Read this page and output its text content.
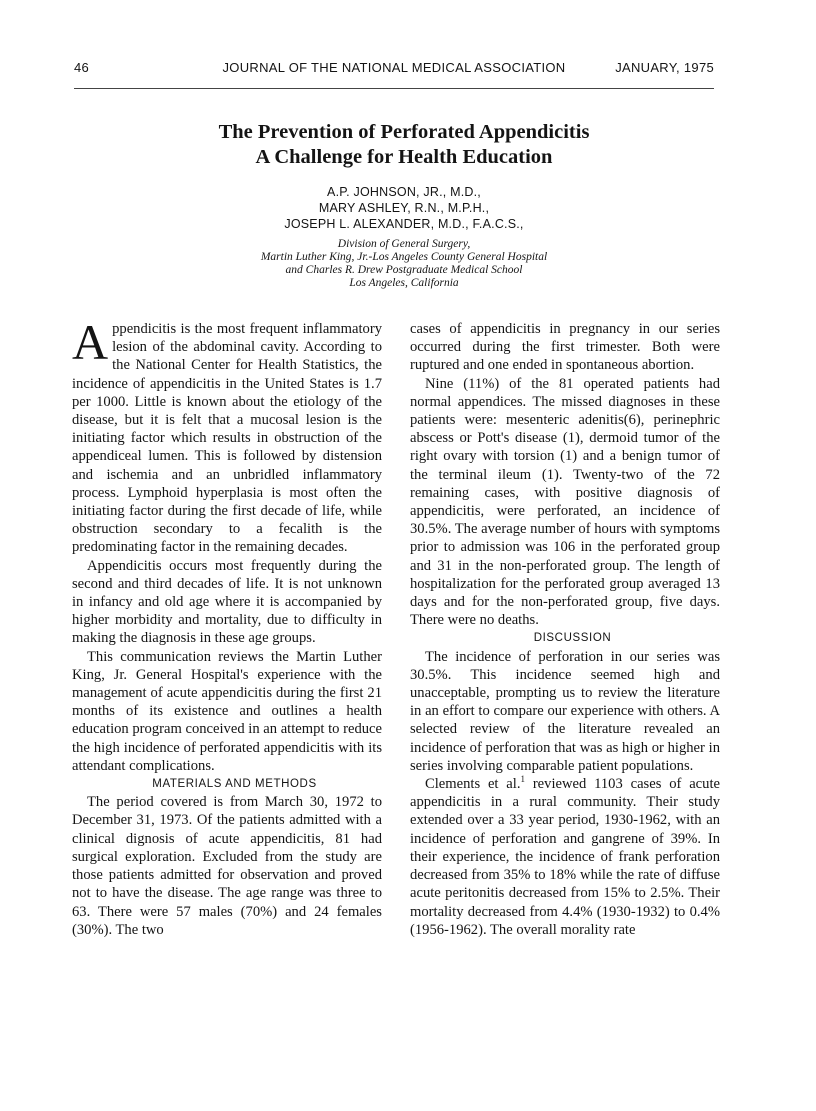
46	JOURNAL OF THE NATIONAL MEDICAL ASSOCIATION	JANUARY, 1975
The Prevention of Perforated Appendicitis
A Challenge for Health Education
A.P. JOHNSON, JR., M.D.,
MARY ASHLEY, R.N., M.P.H.,
JOSEPH L. ALEXANDER, M.D., F.A.C.S.,
Division of General Surgery,
Martin Luther King, Jr.-Los Angeles County General Hospital
and Charles R. Drew Postgraduate Medical School
Los Angeles, California

Appendicitis is the most frequent inflammatory lesion of the abdominal cavity. According to the National Center for Health Statistics, the incidence of appendicitis in the United States is 1.7 per 1000. Little is known about the etiology of the disease, but it is felt that a mucosal lesion is the initiating factor which results in obstruction of the appendiceal lumen. This is followed by distension and ischemia and an unbridled inflammatory process. Lymphoid hyperplasia is most often the initiating factor during the first decade of life, while obstruction secondary to a fecalith is the predominating factor in the remaining decades.

Appendicitis occurs most frequently during the second and third decades of life. It is not unknown in infancy and old age where it is accompanied by higher morbidity and mortality, due to difficulty in making the diagnosis in these age groups.

This communication reviews the Martin Luther King, Jr. General Hospital's experience with the management of acute appendicitis during the first 21 months of its existence and outlines a health education program conceived in an attempt to reduce the high incidence of perforated appendicitis with its attendant complications.

MATERIALS AND METHODS

The period covered is from March 30, 1972 to December 31, 1973. Of the patients admitted with a clinical dignosis of acute appendicitis, 81 had surgical exploration. Excluded from the study are those patients admitted for observation and proved not to have the disease. The age range was three to 63. There were 57 males (70%) and 24 females (30%). The two

cases of appendicitis in pregnancy in our series occurred during the first trimester. Both were ruptured and one ended in spontaneous abortion.

Nine (11%) of the 81 operated patients had normal appendices. The missed diagnoses in these patients were: mesenteric adenitis(6), perinephric abscess or Pott's disease (1), dermoid tumor of the right ovary with torsion (1) and a benign tumor of the terminal ileum (1). Twenty-two of the 72 remaining cases, with positive diagnosis of appendicitis, were perforated, an incidence of 30.5%. The average number of hours with symptoms prior to admission was 106 in the perforated group and 31 in the non-perforated group. The length of hospitalization for the perforated group averaged 13 days and for the non-perforated group, five days. There were no deaths.

DISCUSSION

The incidence of perforation in our series was 30.5%. This incidence seemed high and unacceptable, prompting us to review the literature in an effort to compare our experience with others. A selected review of the literature revealed an incidence of perforation that was as high or higher in series involving comparable patient populations.

Clements et al.$^1$ reviewed 1103 cases of acute appendicitis in a rural community. Their study extended over a 33 year period, 1930-1962, with an incidence of perforation and gangrene of 39%. In their experience, the incidence of frank perforation decreased from 35% to 18% while the rate of diffuse acute peritonitis decreased from 15% to 2.5%. Their mortality decreased from 4.4% (1930-1932) to 0.4% (1956-1962). The overall morality rate
